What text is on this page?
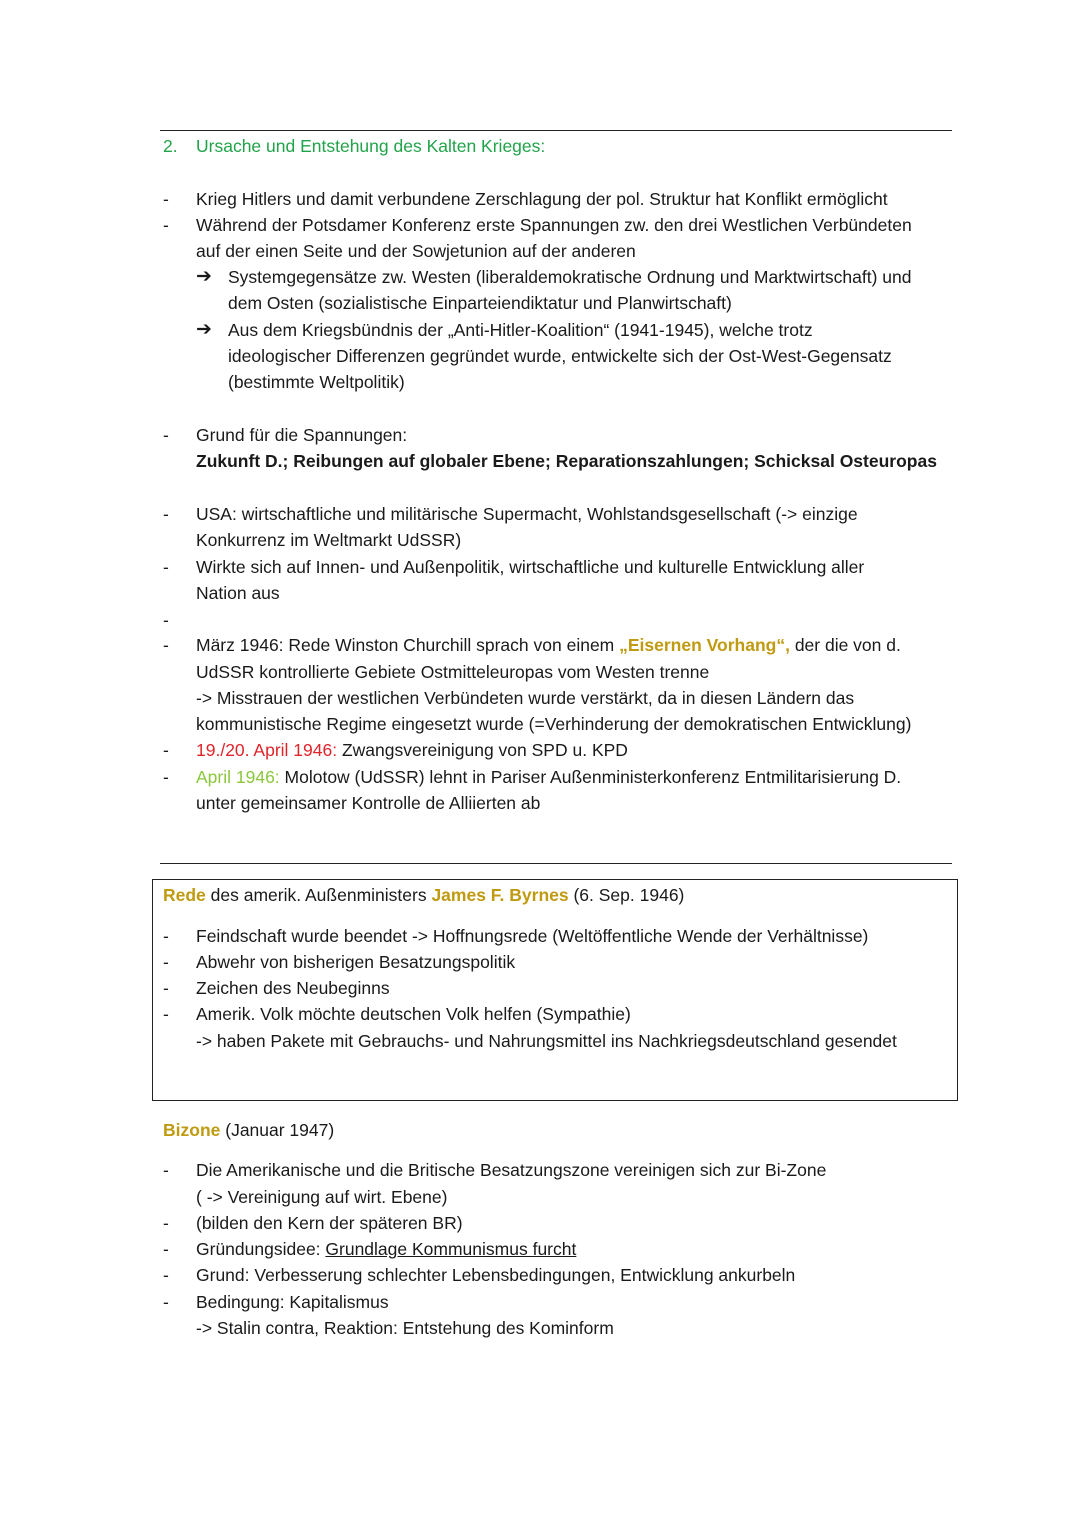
2. Ursache und Entstehung des Kalten Krieges:
- Krieg Hitlers und damit verbundene Zerschlagung der pol. Struktur hat Konflikt ermöglicht
- Während der Potsdamer Konferenz erste Spannungen zw. den drei Westlichen Verbündeten
auf der einen Seite und der Sowjetunion auf der anderen
➔ Systemgegensätze zw. Westen (liberaldemokratische Ordnung und Marktwirtschaft) und
dem Osten (sozialistische Einparteiendiktatur und Planwirtschaft)
➔ Aus dem Kriegsbündnis der „Anti-Hitler-Koalition“ (1941-1945), welche trotz
ideologischer Differenzen gegründet wurde, entwickelte sich der Ost-West-Gegensatz
(bestimmte Weltpolitik)
- Grund für die Spannungen:
Zukunft D.; Reibungen auf globaler Ebene; Reparationszahlungen; Schicksal Osteuropas
- USA: wirtschaftliche und militärische Supermacht, Wohlstandsgesellschaft (-> einzige
Konkurrenz im Weltmarkt UdSSR)
- Wirkte sich auf Innen- und Außenpolitik, wirtschaftliche und kulturelle Entwicklung aller
Nation aus
-
- März 1946: Rede Winston Churchill sprach von einem „Eisernen Vorhang“, der die von d.
UdSSR kontrollierte Gebiete Ostmitteleuropas vom Westen trenne
-> Misstrauen der westlichen Verbündeten wurde verstärkt, da in diesen Ländern das
kommunistische Regime eingesetzt wurde (=Verhinderung der demokratischen Entwicklung)
- 19./20. April 1946: Zwangsvereinigung von SPD u. KPD
- April 1946: Molotow (UdSSR) lehnt in Pariser Außenministerkonferenz Entmilitarisierung D.
unter gemeinsamer Kontrolle de Alliierten ab
Rede des amerik. Außenministers James F. Byrnes (6. Sep. 1946)
- Feindschaft wurde beendet -> Hoffnungsrede (Weltöffentliche Wende der Verhältnisse)
- Abwehr von bisherigen Besatzungspolitik
- Zeichen des Neubeginns
- Amerik. Volk möchte deutschen Volk helfen (Sympathie)
-> haben Pakete mit Gebrauchs- und Nahrungsmittel ins Nachkriegsdeutschland gesendet
Bizone (Januar 1947)
- Die Amerikanische und die Britische Besatzungszone vereinigen sich zur Bi-Zone
( -> Vereinigung auf wirt. Ebene)
- (bilden den Kern der späteren BR)
- Gründungsidee: Grundlage Kommunismus furcht
- Grund: Verbesserung schlechter Lebensbedingungen, Entwicklung ankurbeln
- Bedingung: Kapitalismus
-> Stalin contra, Reaktion: Entstehung des Kominform
